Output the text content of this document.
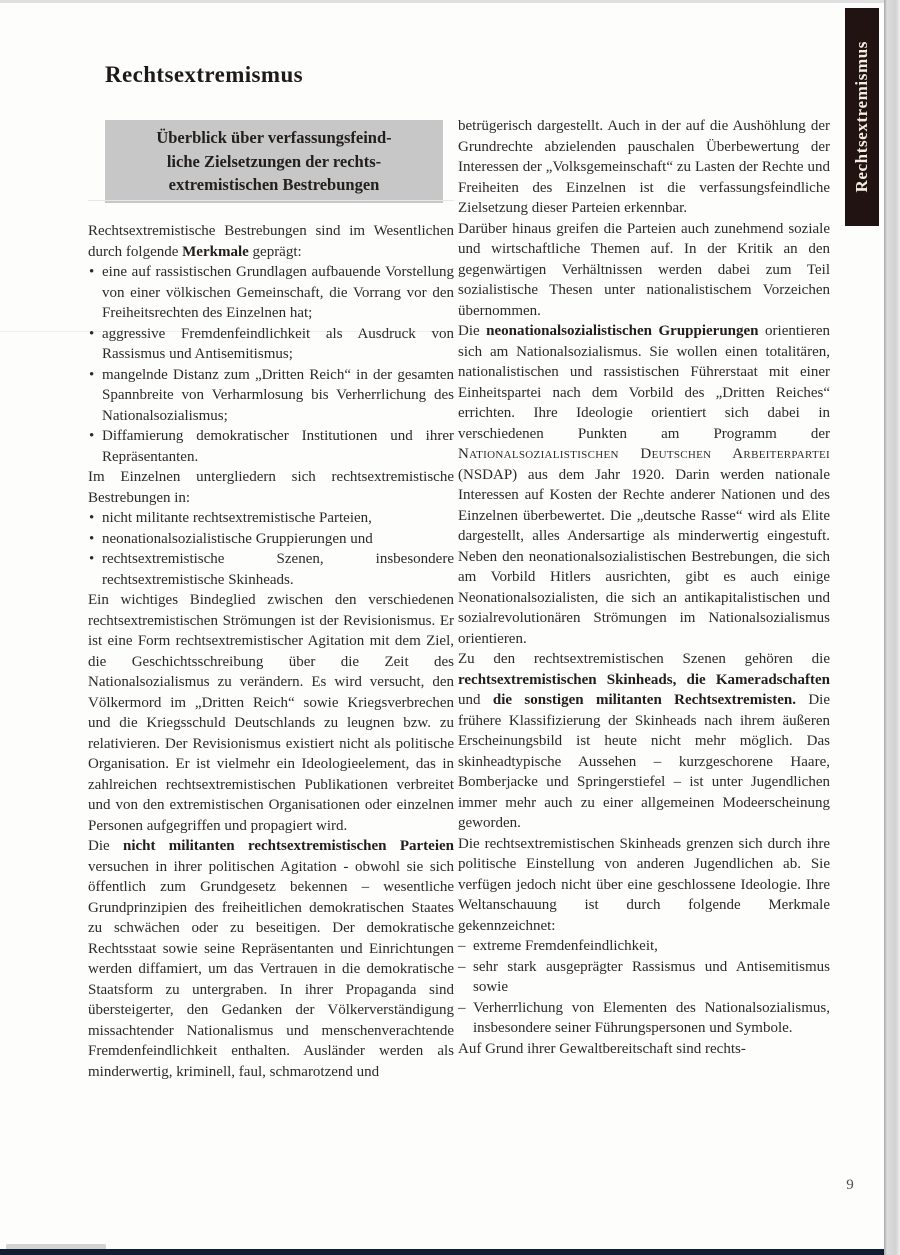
Rechtsextremismus
Rechtsextremismus
Überblick über verfassungsfeind-
liche Zielsetzungen der rechts-
extremistischen Bestrebungen

Rechtsextremistische Bestrebungen sind im Wesentlichen durch folgende Merkmale geprägt:

• eine auf rassistischen Grundlagen aufbauende Vorstellung von einer völkischen Gemeinschaft, die Vorrang vor den Freiheitsrechten des Einzelnen hat;
• aggressive Fremdenfeindlichkeit als Ausdruck von Rassismus und Antisemitismus;
• mangelnde Distanz zum „Dritten Reich“ in der gesamten Spannbreite von Verharmlosung bis Verherrlichung des Nationalsozialismus;
• Diffamierung demokratischer Institutionen und ihrer Repräsentanten.

Im Einzelnen untergliedern sich rechtsextremistische Bestrebungen in:

• nicht militante rechtsextremistische Parteien,
• neonationalsozialistische Gruppierungen und
• rechtsextremistische Szenen, insbesondere rechtsextremistische Skinheads.

Ein wichtiges Bindeglied zwischen den verschiedenen rechtsextremistischen Strömungen ist der Revisionismus. Er ist eine Form rechtsextremistischer Agitation mit dem Ziel, die Geschichtsschreibung über die Zeit des Nationalsozialismus zu verändern. Es wird versucht, den Völkermord im „Dritten Reich“ sowie Kriegsverbrechen und die Kriegsschuld Deutschlands zu leugnen bzw. zu relativieren. Der Revisionismus existiert nicht als politische Organisation. Er ist vielmehr ein Ideologieelement, das in zahlreichen rechtsextremistischen Publikationen verbreitet und von den extremistischen Organisationen oder einzelnen Personen aufgegriffen und propagiert wird.

Die nicht militanten rechtsextremistischen Parteien versuchen in ihrer politischen Agitation - obwohl sie sich öffentlich zum Grundgesetz bekennen – wesentliche Grundprinzipien des freiheitlichen demokratischen Staates zu schwächen oder zu beseitigen. Der demokratische Rechtsstaat sowie seine Repräsentanten und Einrichtungen werden diffamiert, um das Vertrauen in die demokratische Staatsform zu untergraben. In ihrer Propaganda sind übersteigerter, den Gedanken der Völkerverständigung missachtender Nationalismus und menschenverachtende Fremdenfeindlichkeit enthalten. Ausländer werden als minderwertig, kriminell, faul, schmarotzend und

betrügerisch dargestellt. Auch in der auf die Aushöhlung der Grundrechte abzielenden pauschalen Überbewertung der Interessen der „Volksgemeinschaft“ zu Lasten der Rechte und Freiheiten des Einzelnen ist die verfassungsfeindliche Zielsetzung dieser Parteien erkennbar.

Darüber hinaus greifen die Parteien auch zunehmend soziale und wirtschaftliche Themen auf. In der Kritik an den gegenwärtigen Verhältnissen werden dabei zum Teil sozialistische Thesen unter nationalistischem Vorzeichen übernommen.

Die neonationalsozialistischen Gruppierungen orientieren sich am Nationalsozialismus. Sie wollen einen totalitären, nationalistischen und rassistischen Führerstaat mit einer Einheitspartei nach dem Vorbild des „Dritten Reiches“ errichten. Ihre Ideologie orientiert sich dabei in verschiedenen Punkten am Programm der Nationalsozialistischen Deutschen Arbeiterpartei (NSDAP) aus dem Jahr 1920. Darin werden nationale Interessen auf Kosten der Rechte anderer Nationen und des Einzelnen überbewertet. Die „deutsche Rasse“ wird als Elite dargestellt, alles Andersartige als minderwertig eingestuft. Neben den neonationalsozialistischen Bestrebungen, die sich am Vorbild Hitlers ausrichten, gibt es auch einige Neonationalsozialisten, die sich an antikapitalistischen und sozialrevolutionären Strömungen im Nationalsozialismus orientieren.

Zu den rechtsextremistischen Szenen gehören die rechtsextremistischen Skinheads, die Kameradschaften und die sonstigen militanten Rechtsextremisten. Die frühere Klassifizierung der Skinheads nach ihrem äußeren Erscheinungsbild ist heute nicht mehr möglich. Das skinheadtypische Aussehen – kurzgeschorene Haare, Bomberjacke und Springerstiefel – ist unter Jugendlichen immer mehr auch zu einer allgemeinen Modeerscheinung geworden.

Die rechtsextremistischen Skinheads grenzen sich durch ihre politische Einstellung von anderen Jugendlichen ab. Sie verfügen jedoch nicht über eine geschlossene Ideologie. Ihre Weltanschauung ist durch folgende Merkmale gekennzeichnet:

– extreme Fremdenfeindlichkeit,
– sehr stark ausgeprägter Rassismus und Antisemitismus sowie
– Verherrlichung von Elementen des Nationalsozialismus, insbesondere seiner Führungspersonen und Symbole.

Auf Grund ihrer Gewaltbereitschaft sind rechts-

9
